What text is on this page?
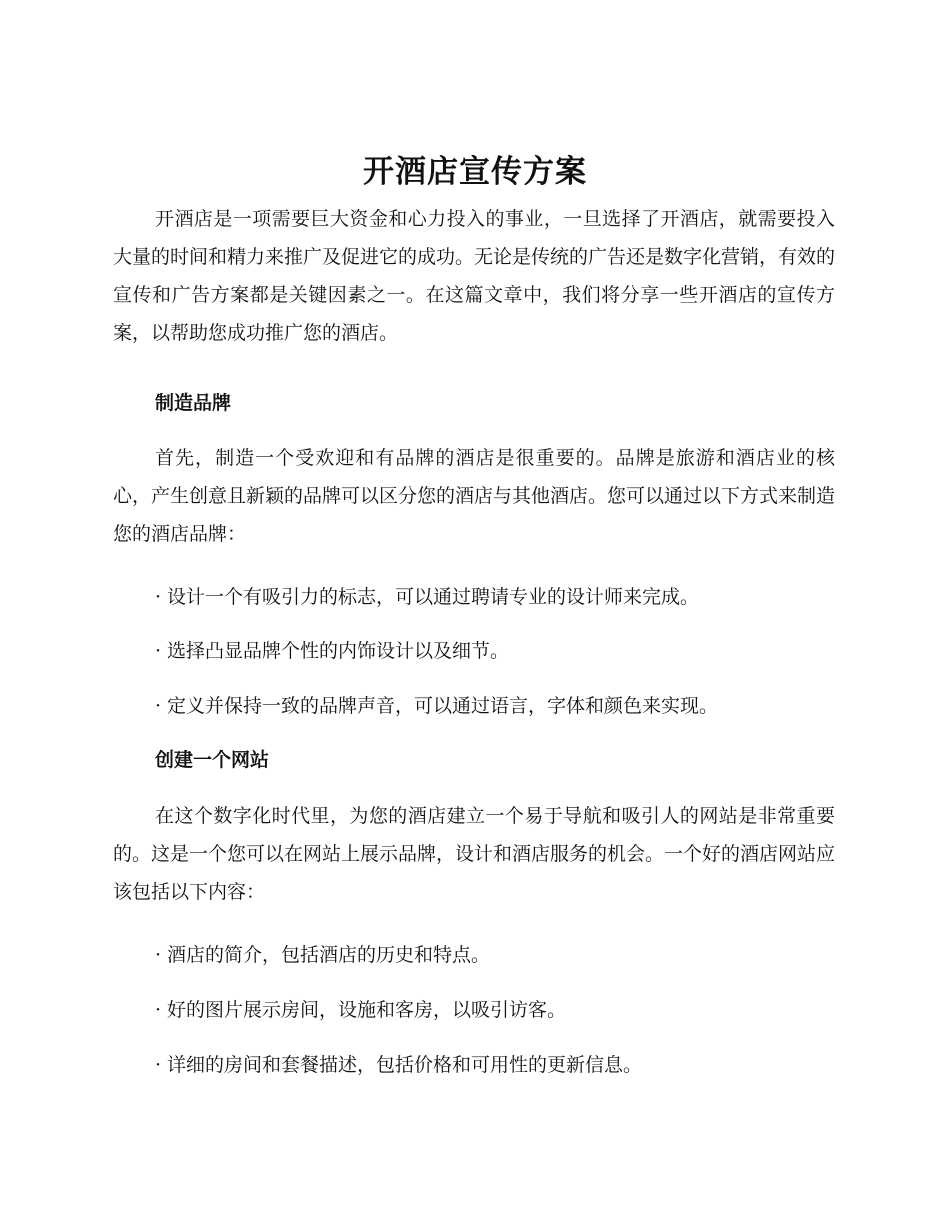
开酒店宣传方案

开酒店是一项需要巨大资金和心力投入的事业，一旦选择了开酒店，就需要投入大量的时间和精力来推广及促进它的成功。无论是传统的广告还是数字化营销，有效的宣传和广告方案都是关键因素之一。在这篇文章中，我们将分享一些开酒店的宣传方案，以帮助您成功推广您的酒店。

制造品牌

首先，制造一个受欢迎和有品牌的酒店是很重要的。品牌是旅游和酒店业的核心，产生创意且新颖的品牌可以区分您的酒店与其他酒店。您可以通过以下方式来制造您的酒店品牌：

· 设计一个有吸引力的标志，可以通过聘请专业的设计师来完成。

· 选择凸显品牌个性的内饰设计以及细节。

· 定义并保持一致的品牌声音，可以通过语言，字体和颜色来实现。

创建一个网站

在这个数字化时代里，为您的酒店建立一个易于导航和吸引人的网站是非常重要的。这是一个您可以在网站上展示品牌，设计和酒店服务的机会。一个好的酒店网站应该包括以下内容：

· 酒店的简介，包括酒店的历史和特点。

· 好的图片展示房间，设施和客房，以吸引访客。

· 详细的房间和套餐描述，包括价格和可用性的更新信息。
